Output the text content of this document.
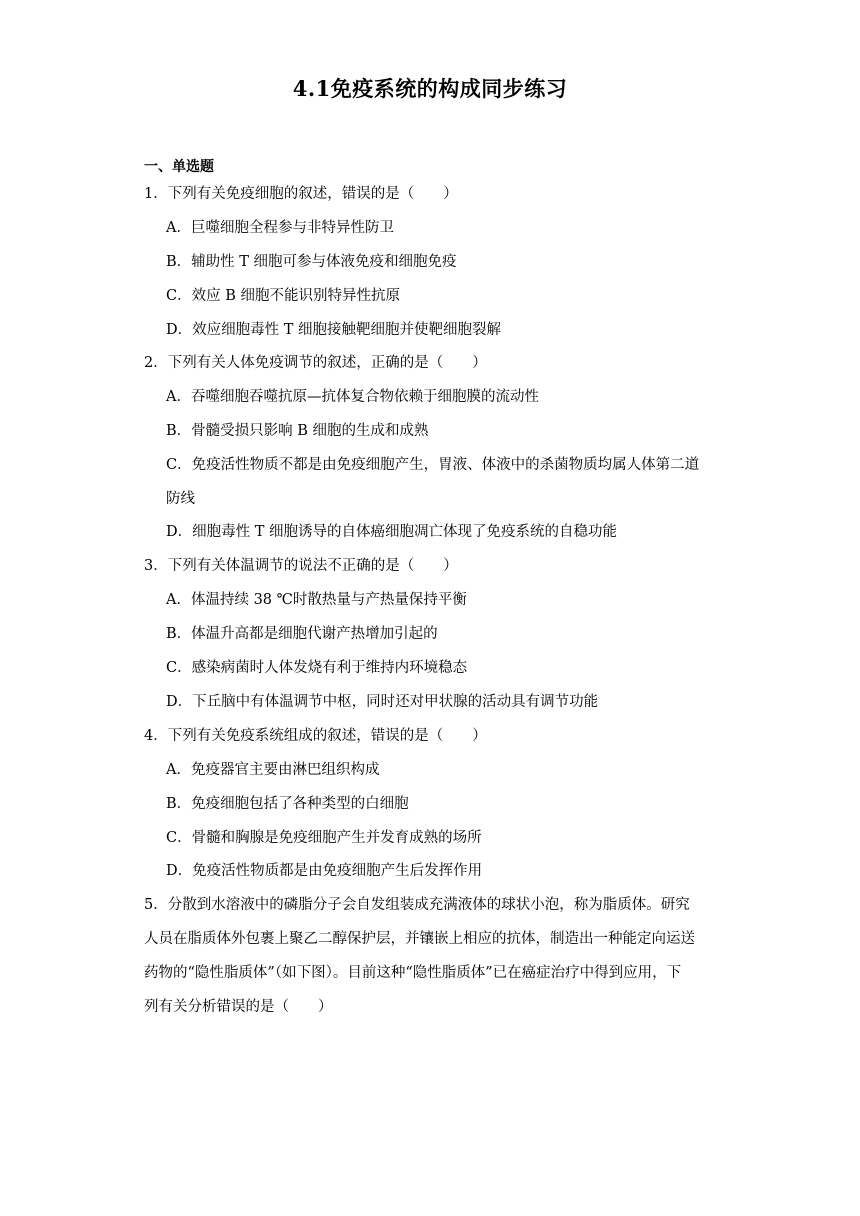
4.1免疫系统的构成同步练习
一、单选题
1．下列有关免疫细胞的叙述，错误的是（　　）
A．巨噬细胞全程参与非特异性防卫
B．辅助性 T 细胞可参与体液免疫和细胞免疫
C．效应 B 细胞不能识别特异性抗原
D．效应细胞毒性 T 细胞接触靶细胞并使靶细胞裂解
2．下列有关人体免疫调节的叙述，正确的是（　　）
A．吞噬细胞吞噬抗原—抗体复合物依赖于细胞膜的流动性
B．骨髓受损只影响 B 细胞的生成和成熟
C．免疫活性物质不都是由免疫细胞产生，胃液、体液中的杀菌物质均属人体第二道
防线
D．细胞毒性 T 细胞诱导的自体癌细胞凋亡体现了免疫系统的自稳功能
3．下列有关体温调节的说法不正确的是（　　）
A．体温持续 38 ℃时散热量与产热量保持平衡
B．体温升高都是细胞代谢产热增加引起的
C．感染病菌时人体发烧有利于维持内环境稳态
D．下丘脑中有体温调节中枢，同时还对甲状腺的活动具有调节功能
4．下列有关免疫系统组成的叙述，错误的是（　　）
A．免疫器官主要由淋巴组织构成
B．免疫细胞包括了各种类型的白细胞
C．骨髓和胸腺是免疫细胞产生并发育成熟的场所
D．免疫活性物质都是由免疫细胞产生后发挥作用
5．分散到水溶液中的磷脂分子会自发组装成充满液体的球状小泡，称为脂质体。研究
人员在脂质体外包裹上聚乙二醇保护层，并镶嵌上相应的抗体，制造出一种能定向运送
药物的“隐性脂质体”（如下图）。目前这种“隐性脂质体”已在癌症治疗中得到应用，下
列有关分析错误的是（　　）
